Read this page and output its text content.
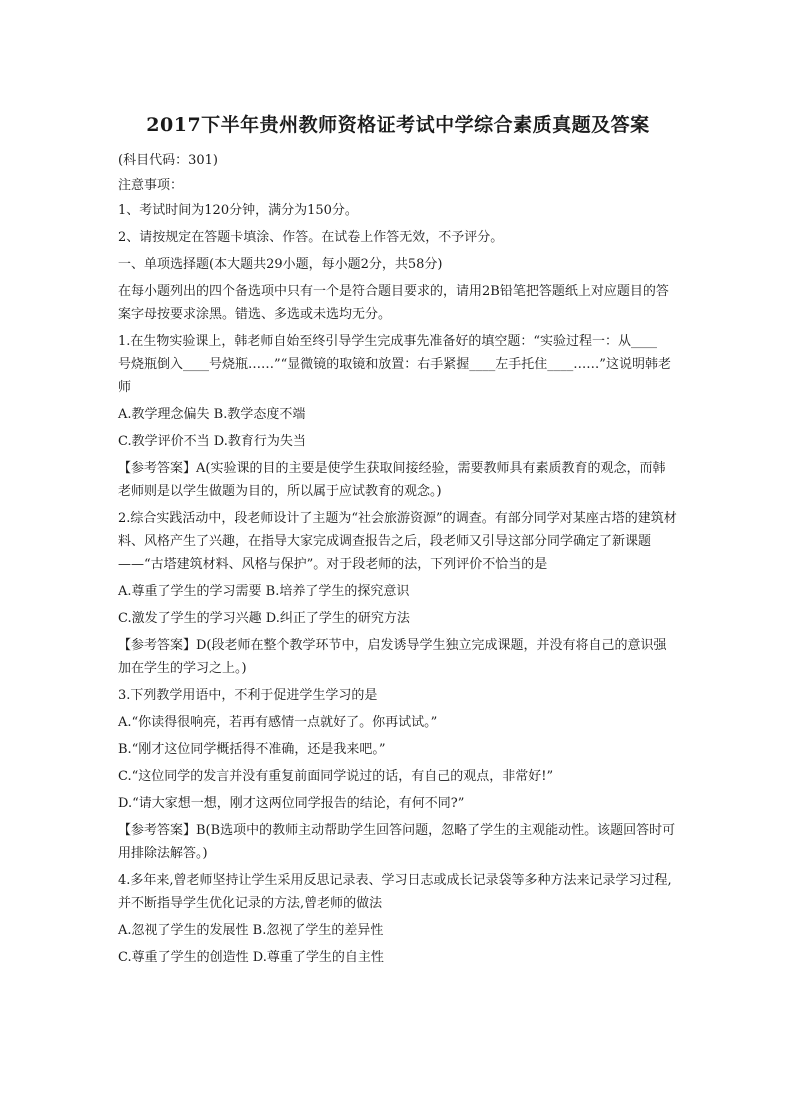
2017下半年贵州教师资格证考试中学综合素质真题及答案
(科目代码：301)
注意事项：
1、考试时间为120分钟，满分为150分。
2、请按规定在答题卡填涂、作答。在试卷上作答无效，不予评分。
一、单项选择题(本大题共29小题，每小题2分，共58分)
在每小题列出的四个备选项中只有一个是符合题目要求的，请用2B铅笔把答题纸上对应题目的答案字母按要求涂黑。错选、多选或未选均无分。
1.在生物实验课上，韩老师自始至终引导学生完成事先准备好的填空题：“实验过程一：从____　　号烧瓶倒入____号烧瓶……”“显微镜的取镜和放置：右手紧握____左手托住____……”这说明韩老师
A.教学理念偏失 B.教学态度不端
C.教学评价不当 D.教育行为失当
【参考答案】A(实验课的目的主要是使学生获取间接经验，需要教师具有素质教育的观念，而韩老师则是以学生做题为目的，所以属于应试教育的观念。)
2.综合实践活动中，段老师设计了主题为“社会旅游资源”的调查。有部分同学对某座古塔的建筑材料、风格产生了兴趣，在指导大家完成调查报告之后，段老师又引导这部分同学确定了新课题——“古塔建筑材料、风格与保护”。对于段老师的法，下列评价不恰当的是
A.尊重了学生的学习需要 B.培养了学生的探究意识
C.激发了学生的学习兴趣 D.纠正了学生的研究方法
【参考答案】D(段老师在整个教学环节中，启发诱导学生独立完成课题，并没有将自己的意识强加在学生的学习之上。)
3.下列教学用语中，不利于促进学生学习的是
A.“你读得很响亮，若再有感情一点就好了。你再试试。”
B.“刚才这位同学概括得不准确，还是我来吧。”
C.“这位同学的发言并没有重复前面同学说过的话，有自己的观点，非常好!”
D.“请大家想一想，刚才这两位同学报告的结论，有何不同?”
【参考答案】B(B选项中的教师主动帮助学生回答问题，忽略了学生的主观能动性。该题回答时可用排除法解答。)
4.多年来,曾老师坚持让学生采用反思记录表、学习日志或成长记录袋等多种方法来记录学习过程,并不断指导学生优化记录的方法,曾老师的做法
A.忽视了学生的发展性 B.忽视了学生的差异性
C.尊重了学生的创造性 D.尊重了学生的自主性
